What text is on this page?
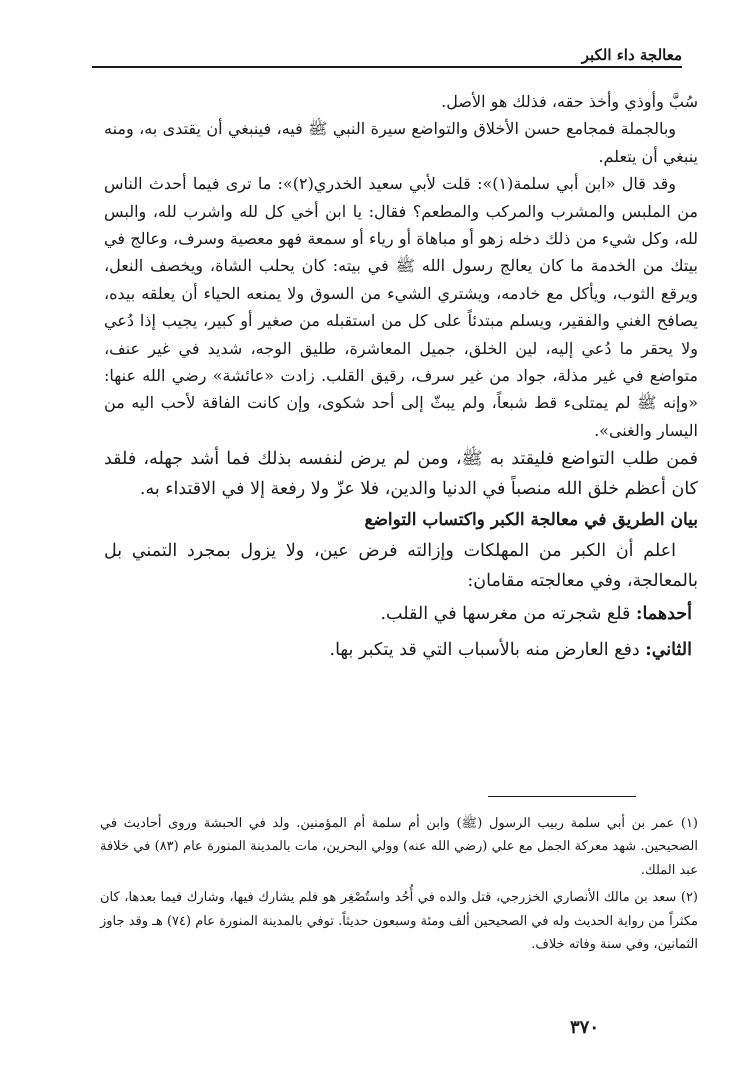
معالجة داء الكبر

سُبَّ وأوذي وأخذ حقه، فذلك هو الأصل.

وبالجملة فمجامع حسن الأخلاق والتواضع سيرة النبي ﷺ فيه، فينبغي أن يقتدى به، ومنه ينبغي أن يتعلم.

وقد قال «ابن أبي سلمة(١)»: قلت لأبي سعيد الخدري(٢)»: ما ترى فيما أحدث الناس من الملبس والمشرب والمركب والمطعم؟ فقال: يا ابن أخي كل لله واشرب لله، والبس لله، وكل شيء من ذلك دخله زهو أو مباهاة أو رياء أو سمعة فهو معصية وسرف، وعالج في بيتك من الخدمة ما كان يعالج رسول الله ﷺ في بيته: كان يحلب الشاة، ويخصف النعل، ويرقع الثوب، ويأكل مع خادمه، ويشتري الشيء من السوق ولا يمنعه الحياء أن يعلقه بيده، يصافح الغني والفقير، ويسلم مبتدئاً على كل من استقبله من صغير أو كبير، يجيب إذا دُعي ولا يحقر ما دُعي إليه، لين الخلق، جميل المعاشرة، طليق الوجه، شديد في غير عنف، متواضع في غير مذلة، جواد من غير سرف، رقيق القلب. زادت «عائشة» رضي الله عنها: «وإنه ﷺ لم يمتلىء قط شبعاً، ولم يبثّ إلى أحد شكوى، وإن كانت الفاقة لأحب اليه من اليسار والغنى».

فمن طلب التواضع فليقتد به ﷺ، ومن لم يرض لنفسه بذلك فما أشد جهله، فلقد كان أعظم خلق الله منصباً في الدنيا والدين، فلا عزّ ولا رفعة إلا في الاقتداء به.

بيان الطريق في معالجة الكبر واكتساب التواضع

اعلم أن الكبر من المهلكات وإزالته فرض عين، ولا يزول بمجرد التمني بل بالمعالجة، وفي معالجته مقامان:

أحدهما: قلع شجرته من مغرسها في القلب.

الثاني: دفع العارض منه بالأسباب التي قد يتكبر بها.

(١) عمر بن أبي سلمة ربيب الرسول (ﷺ) وابن أم سلمة أم المؤمنين. ولد في الحبشة وروى أحاديث في الصحيحين. شهد معركة الجمل مع علي (رضي الله عنه) وولي البحرين، مات بالمدينة المنورة عام (٨٣) في خلافة عبد الملك.

(٢) سعد بن مالك الأنصاري الخزرجي، قتل والده في أُحُد واستُصْغِر هو فلم يشارك فيها، وشارك فيما بعدها، كان مكثراً من رواية الحديث وله في الصحيحين ألف ومئة وسبعون حديثاً. توفي بالمدينة المنورة عام (٧٤) هـ وقد جاوز الثمانين، وفي سنة وفاته خلاف.

٣٧٠
